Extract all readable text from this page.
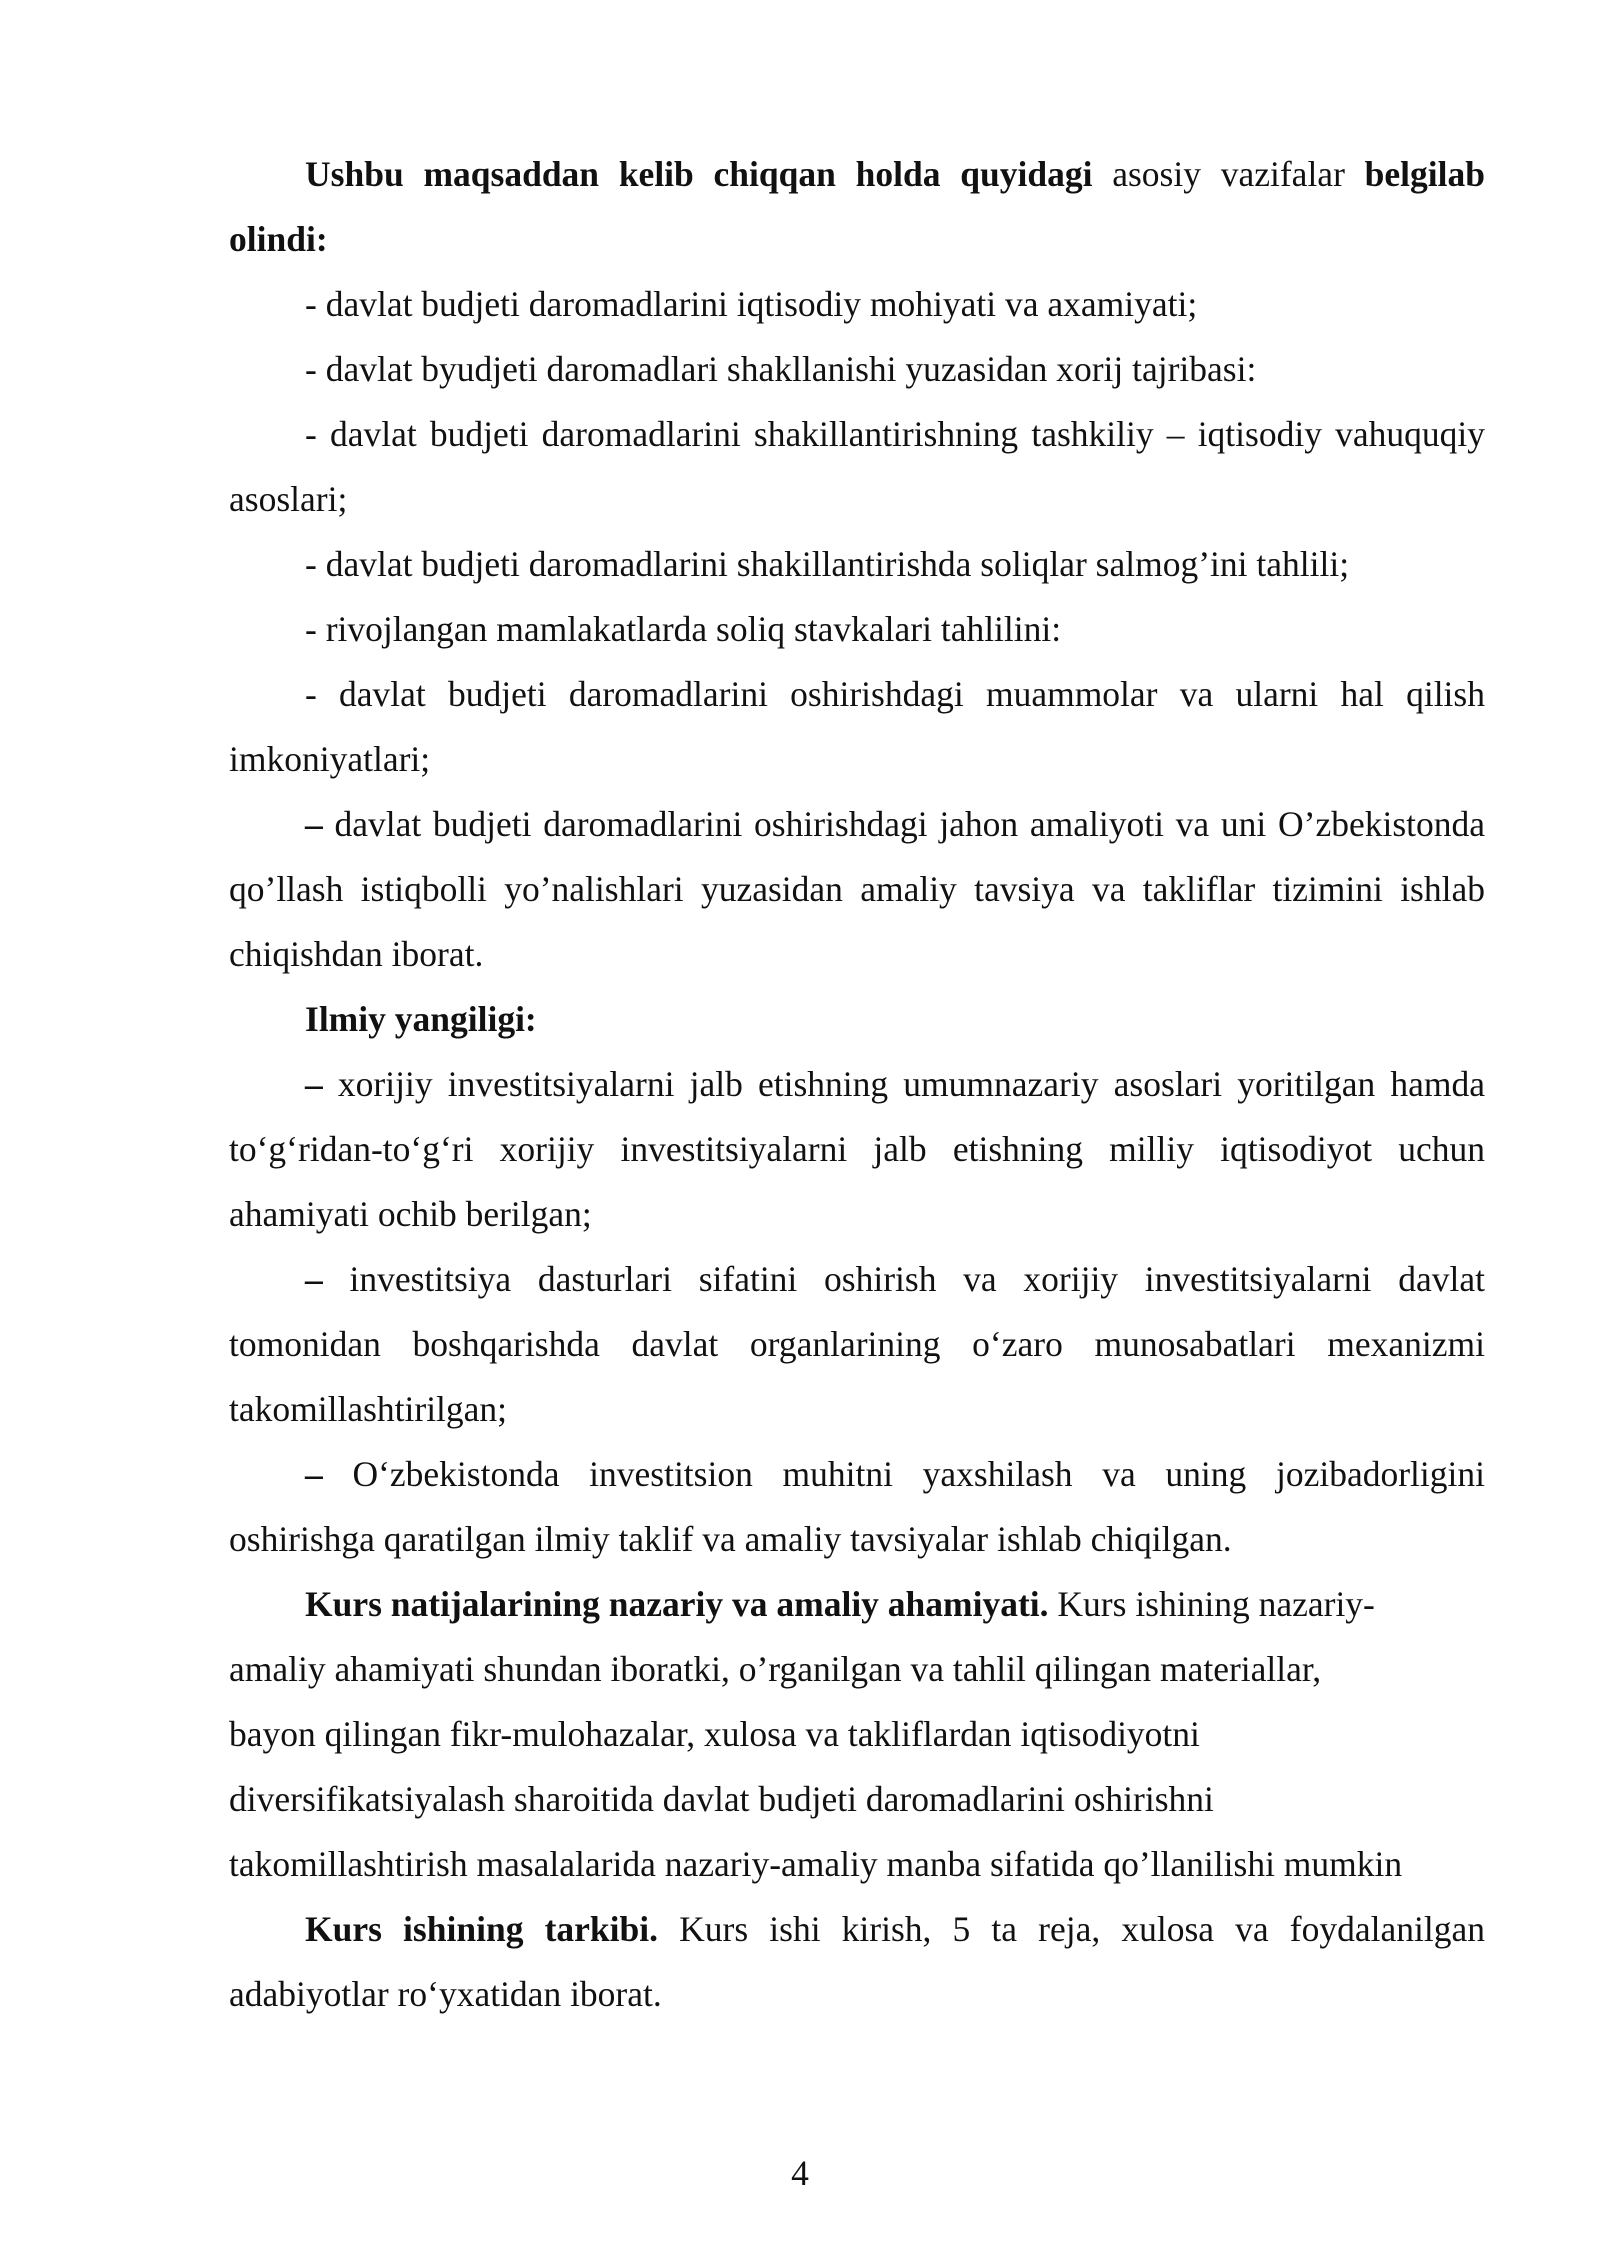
Ushbu maqsaddan kelib chiqqan holda quyidagi asosiy vazifalar belgilab olindi:

- davlat budjeti daromadlarini iqtisodiy mohiyati va axamiyati;

- davlat byudjeti daromadlari shakllanishi yuzasidan xorij tajribasi:

- davlat budjeti daromadlarini shakillantirishning tashkiliy – iqtisodiy vahuquqiy asoslari;

- davlat budjeti daromadlarini shakillantirishda soliqlar salmog’ini tahlili;

- rivojlangan mamlakatlarda soliq stavkalari tahlilini:

- davlat budjeti daromadlarini oshirishdagi muammolar va ularni hal qilish imkoniyatlari;

– davlat budjeti daromadlarini oshirishdagi jahon amaliyoti va uni O’zbekistonda qo’llash istiqbolli yo’nalishlari yuzasidan amaliy tavsiya va takliflar tizimini ishlab chiqishdan iborat.

Ilmiy yangiligi:

– xorijiy investitsiyalarni jalb etishning umumnazariy asoslari yoritilgan hamda to‘g‘ridan-to‘g‘ri xorijiy investitsiyalarni jalb etishning milliy iqtisodiyot uchun ahamiyati ochib berilgan;

– investitsiya dasturlari sifatini oshirish va xorijiy investitsiyalarni davlat tomonidan boshqarishda davlat organlarining o‘zaro munosabatlari mexanizmi takomillashtirilgan;

– O‘zbekistonda investitsion muhitni yaxshilash va uning jozibadorligini oshirishga qaratilgan ilmiy taklif va amaliy tavsiyalar ishlab chiqilgan.

Kurs natijalarining nazariy va amaliy ahamiyati. Kurs ishining nazariy-
amaliy ahamiyati shundan iboratki, o’rganilgan va tahlil qilingan materiallar,
bayon qilingan fikr-mulohazalar, xulosa va takliflardan iqtisodiyotni
diversifikatsiyalash sharoitida davlat budjeti daromadlarini oshirishni
takomillashtirish masalalarida nazariy-amaliy manba sifatida qo’llanilishi mumkin

Kurs ishining tarkibi. Kurs ishi kirish, 5 ta reja, xulosa va foydalanilgan adabiyotlar ro‘yxatidan iborat.

4
